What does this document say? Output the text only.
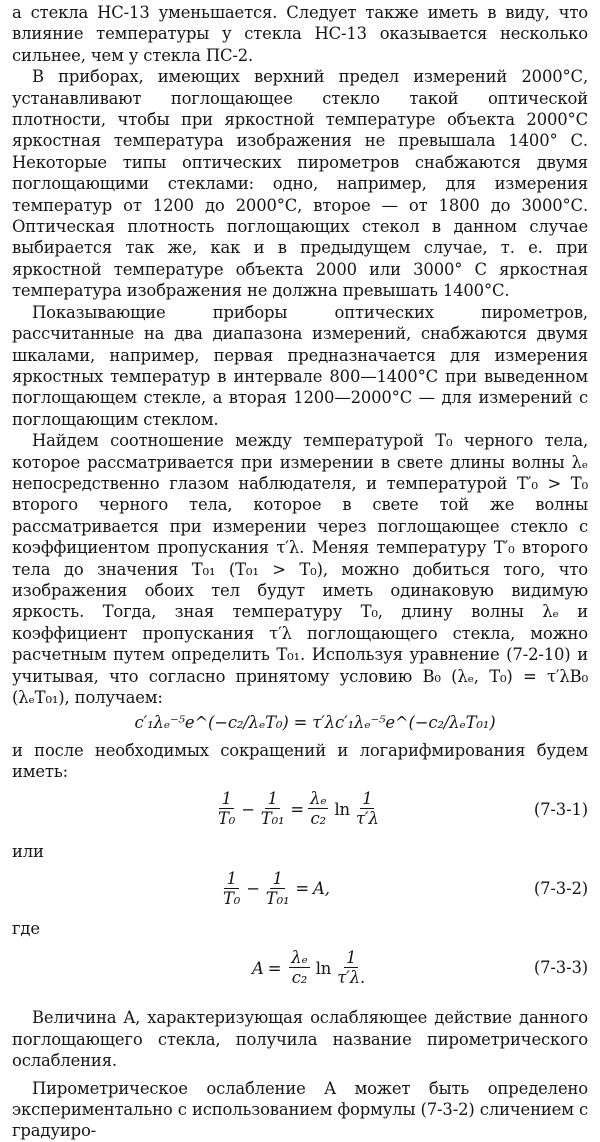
а стекла НС-13 уменьшается. Следует также иметь в виду, что влияние температуры у стекла НС-13 оказывается несколько сильнее, чем у стекла ПС-2.

В приборах, имеющих верхний предел измерений 2000°С, устанавливают поглощающее стекло такой оптической плотности, чтобы при яркостной температуре объекта 2000°С яркостная температура изображения не превышала 1400° С. Некоторые типы оптических пирометров снабжаются двумя поглощающими стеклами: одно, например, для измерения температур от 1200 до 2000°С, второе — от 1800 до 3000°С. Оптическая плотность поглощающих стекол в данном случае выбирается так же, как и в предыдущем случае, т. е. при яркостной температуре объекта 2000 или 3000° С яркостная температура изображения не должна превышать 1400°С.

Показывающие приборы оптических пирометров, рассчитанные на два диапазона измерений, снабжаются двумя шкалами, например, первая предназначается для измерения яркостных температур в интервале 800—1400°С при выведенном поглощающем стекле, а вторая 1200—2000°С — для измерений с поглощающим стеклом.

Найдем соотношение между температурой T₀ черного тела, которое рассматривается при измерении в свете длины волны λₑ непосредственно глазом наблюдателя, и температурой T′₀ > T₀ второго черного тела, которое в свете той же волны рассматривается при измерении через поглощающее стекло с коэффициентом пропускания τ′λ. Меняя температуру T′₀ второго тела до значения T₀₁ (T₀₁ > T₀), можно добиться того, что изображения обоих тел будут иметь одинаковую видимую яркость. Тогда, зная температуру T₀, длину волны λₑ и коэффициент пропускания τ′λ поглощающего стекла, можно расчетным путем определить T₀₁. Используя уравнение (7-2-10) и учитывая, что согласно принятому условию B₀ (λₑ, T₀) = τ′λB₀ (λₑT₀₁), получаем:

c′₁λₑ⁻⁵e^(−c₂/λₑT₀) = τ′λc′₁λₑ⁻⁵e^(−c₂/λₑT₀₁)

и после необходимых сокращений и логарифмирования будем иметь:

$\frac{1}{\text{T₀}} - \frac{1}{\text{T₀₁}} = \frac{\text{λₑ}}{\text{c₂}}$ $\ln \frac{1}{\tau'\lambda}$	(7-3-1)

или

$\frac{1}{\text{T₀}} - \frac{1}{\text{T₀₁}} = A$,	(7-3-2)

где

$A = \frac{\text{λₑ}}{\text{c₂}}$ $\ln \frac{1}{\tau'\lambda.}$	(7-3-3)

Величина A, характеризующая ослабляющее действие данного поглощающего стекла, получила название пирометрического ослабления.

Пирометрическое ослабление A может быть определено экспериментально с использованием формулы (7-3-2) сличением с градуиро-
